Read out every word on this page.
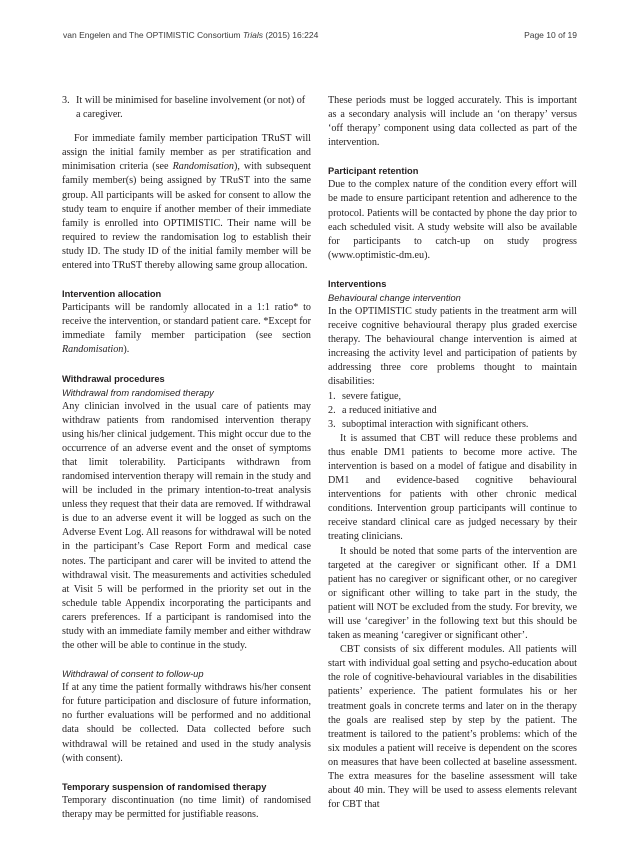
van Engelen and The OPTIMISTIC Consortium Trials (2015) 16:224	Page 10 of 19
3. It will be minimised for baseline involvement (or not) of a caregiver.

For immediate family member participation TRuST will assign the initial family member as per stratification and minimisation criteria (see Randomisation), with subsequent family member(s) being assigned by TRuST into the same group. All participants will be asked for consent to allow the study team to enquire if another member of their immediate family is enrolled into OPTIMISTIC. Their name will be required to review the randomisation log to establish their study ID. The study ID of the initial family member will be entered into TRuST thereby allowing same group allocation.

Intervention allocation

Participants will be randomly allocated in a 1:1 ratio* to receive the intervention, or standard patient care. *Except for immediate family member participation (see section Randomisation).

Withdrawal procedures
Withdrawal from randomised therapy

Any clinician involved in the usual care of patients may withdraw patients from randomised intervention therapy using his/her clinical judgement. This might occur due to the occurrence of an adverse event and the onset of symptoms that limit tolerability. Participants withdrawn from randomised intervention therapy will remain in the study and will be included in the primary intention-to-treat analysis unless they request that their data are removed. If withdrawal is due to an adverse event it will be logged as such on the Adverse Event Log. All reasons for withdrawal will be noted in the participant’s Case Report Form and medical case notes. The participant and carer will be invited to attend the withdrawal visit. The measurements and activities scheduled at Visit 5 will be performed in the priority set out in the schedule table Appendix incorporating the participants and carers preferences. If a participant is randomised into the study with an immediate family member and either withdraw the other will be able to continue in the study.

Withdrawal of consent to follow-up

If at any time the patient formally withdraws his/her consent for future participation and disclosure of future information, no further evaluations will be performed and no additional data should be collected. Data collected before such withdrawal will be retained and used in the study analysis (with consent).

Temporary suspension of randomised therapy

Temporary discontinuation (no time limit) of randomised therapy may be permitted for justifiable reasons.

These periods must be logged accurately. This is important as a secondary analysis will include an ‘on therapy’ versus ‘off therapy’ component using data collected as part of the intervention.

Participant retention

Due to the complex nature of the condition every effort will be made to ensure participant retention and adherence to the protocol. Patients will be contacted by phone the day prior to each scheduled visit. A study website will also be available for participants to catch-up on study progress (www.optimistic-dm.eu).

Interventions
Behavioural change intervention

In the OPTIMISTIC study patients in the treatment arm will receive cognitive behavioural therapy plus graded exercise therapy. The behavioural change intervention is aimed at increasing the activity level and participation of patients by addressing three core problems thought to maintain disabilities:

1. severe fatigue,
2. a reduced initiative and
3. suboptimal interaction with significant others.

It is assumed that CBT will reduce these problems and thus enable DM1 patients to become more active. The intervention is based on a model of fatigue and disability in DM1 and evidence-based cognitive behavioural interventions for patients with other chronic medical conditions. Intervention group participants will continue to receive standard clinical care as judged necessary by their treating clinicians.

It should be noted that some parts of the intervention are targeted at the caregiver or significant other. If a DM1 patient has no caregiver or significant other, or no caregiver or significant other willing to take part in the study, the patient will NOT be excluded from the study. For brevity, we will use ‘caregiver’ in the following text but this should be taken as meaning ‘caregiver or significant other’.

CBT consists of six different modules. All patients will start with individual goal setting and psycho-education about the role of cognitive-behavioural variables in the disabilities patients’ experience. The patient formulates his or her treatment goals in concrete terms and later on in the therapy the goals are realised step by step by the patient. The treatment is tailored to the patient’s problems: which of the six modules a patient will receive is dependent on the scores on measures that have been collected at baseline assessment. The extra measures for the baseline assessment will take about 40 min. They will be used to assess elements relevant for CBT that
